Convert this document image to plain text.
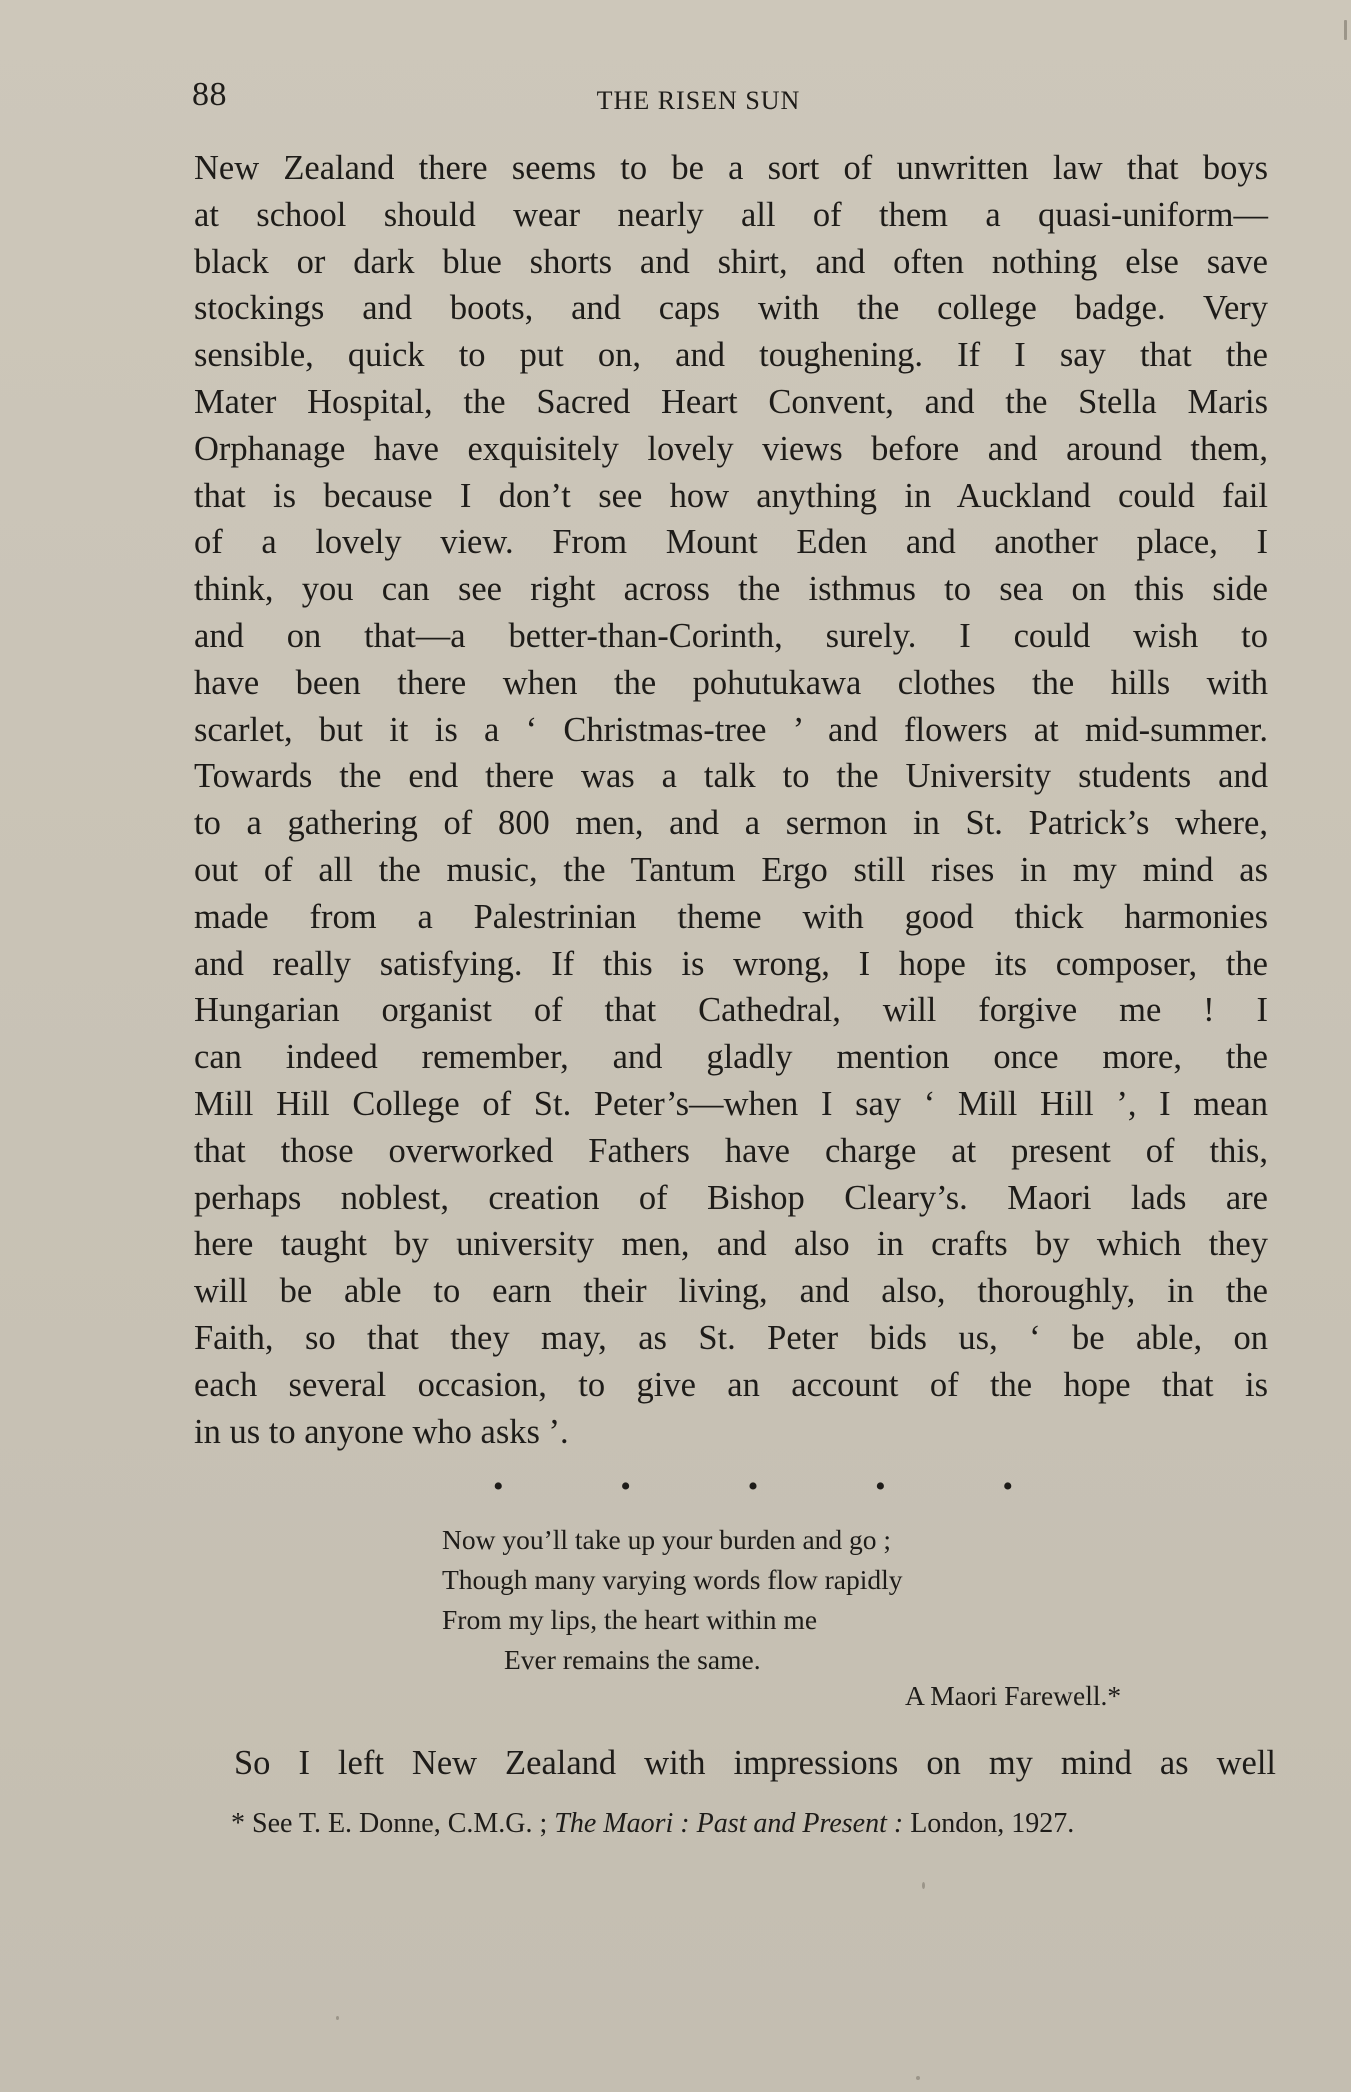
88	THE RISEN SUN
New Zealand there seems to be a sort of unwritten law that boys
at school should wear nearly all of them a quasi-uniform—
black or dark blue shorts and shirt, and often nothing else save
stockings and boots, and caps with the college badge. Very
sensible, quick to put on, and toughening. If I say that the
Mater Hospital, the Sacred Heart Convent, and the Stella Maris
Orphanage have exquisitely lovely views before and around them,
that is because I don’t see how anything in Auckland could fail
of a lovely view. From Mount Eden and another place, I
think, you can see right across the isthmus to sea on this side
and on that—a better-than-Corinth, surely. I could wish to
have been there when the pohutukawa clothes the hills with
scarlet, but it is a ‘ Christmas-tree ’ and flowers at mid-summer.
Towards the end there was a talk to the University students and
to a gathering of 800 men, and a sermon in St. Patrick’s where,
out of all the music, the Tantum Ergo still rises in my mind as
made from a Palestrinian theme with good thick harmonies
and really satisfying. If this is wrong, I hope its composer, the
Hungarian organist of that Cathedral, will forgive me ! I
can indeed remember, and gladly mention once more, the
Mill Hill College of St. Peter’s—when I say ‘ Mill Hill ’, I mean
that those overworked Fathers have charge at present of this,
perhaps noblest, creation of Bishop Cleary’s. Maori lads are
here taught by university men, and also in crafts by which they
will be able to earn their living, and also, thoroughly, in the
Faith, so that they may, as St. Peter bids us, ‘ be able, on
each several occasion, to give an account of the hope that is
in us to anyone who asks ’.
•	•	•	•	•
Now you’ll take up your burden and go ;
Though many varying words flow rapidly
From my lips, the heart within me
Ever remains the same.
A Maori Farewell.*
So I left New Zealand with impressions on my mind as well
* See T. E. Donne, C.M.G. ; The Maori : Past and Present : London, 1927.
